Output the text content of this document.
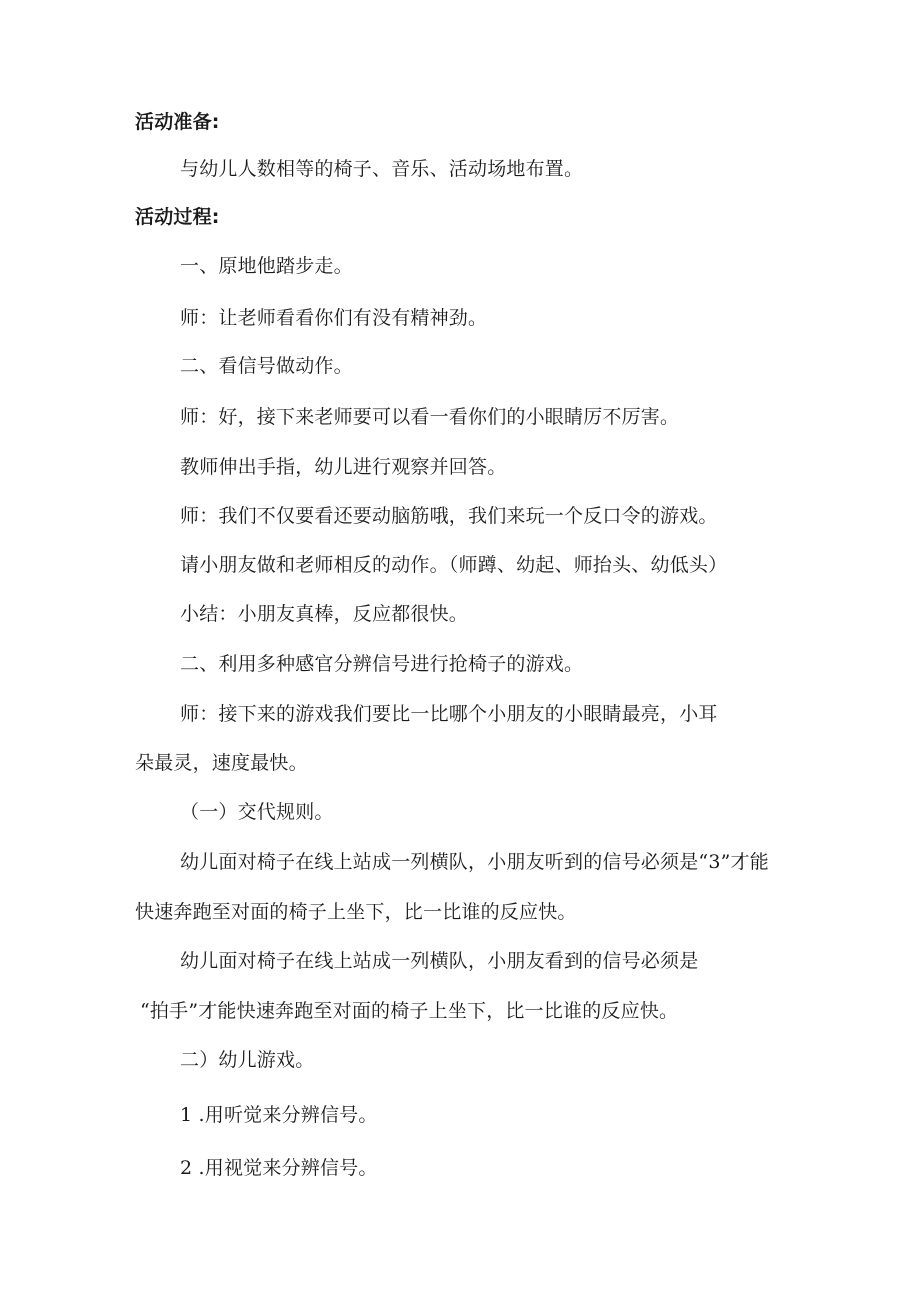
活动准备:
与幼儿人数相等的椅子、音乐、活动场地布置。
活动过程:
一、原地他踏步走。
师：让老师看看你们有没有精神劲。
二、看信号做动作。
师：好，接下来老师要可以看一看你们的小眼睛厉不厉害。
教师伸出手指，幼儿进行观察并回答。
师：我们不仅要看还要动脑筋哦，我们来玩一个反口令的游戏。
请小朋友做和老师相反的动作。（师蹲、幼起、师抬头、幼低头）
小结：小朋友真棒，反应都很快。
二、利用多种感官分辨信号进行抢椅子的游戏。
师：接下来的游戏我们要比一比哪个小朋友的小眼睛最亮，小耳
朵最灵，速度最快。
（一）交代规则。
幼儿面对椅子在线上站成一列横队，小朋友听到的信号必须是“3”才能
快速奔跑至对面的椅子上坐下，比一比谁的反应快。
幼儿面对椅子在线上站成一列横队，小朋友看到的信号必须是
“拍手”才能快速奔跑至对面的椅子上坐下，比一比谁的反应快。
二）幼儿游戏。
1 .用听觉来分辨信号。
2 .用视觉来分辨信号。
